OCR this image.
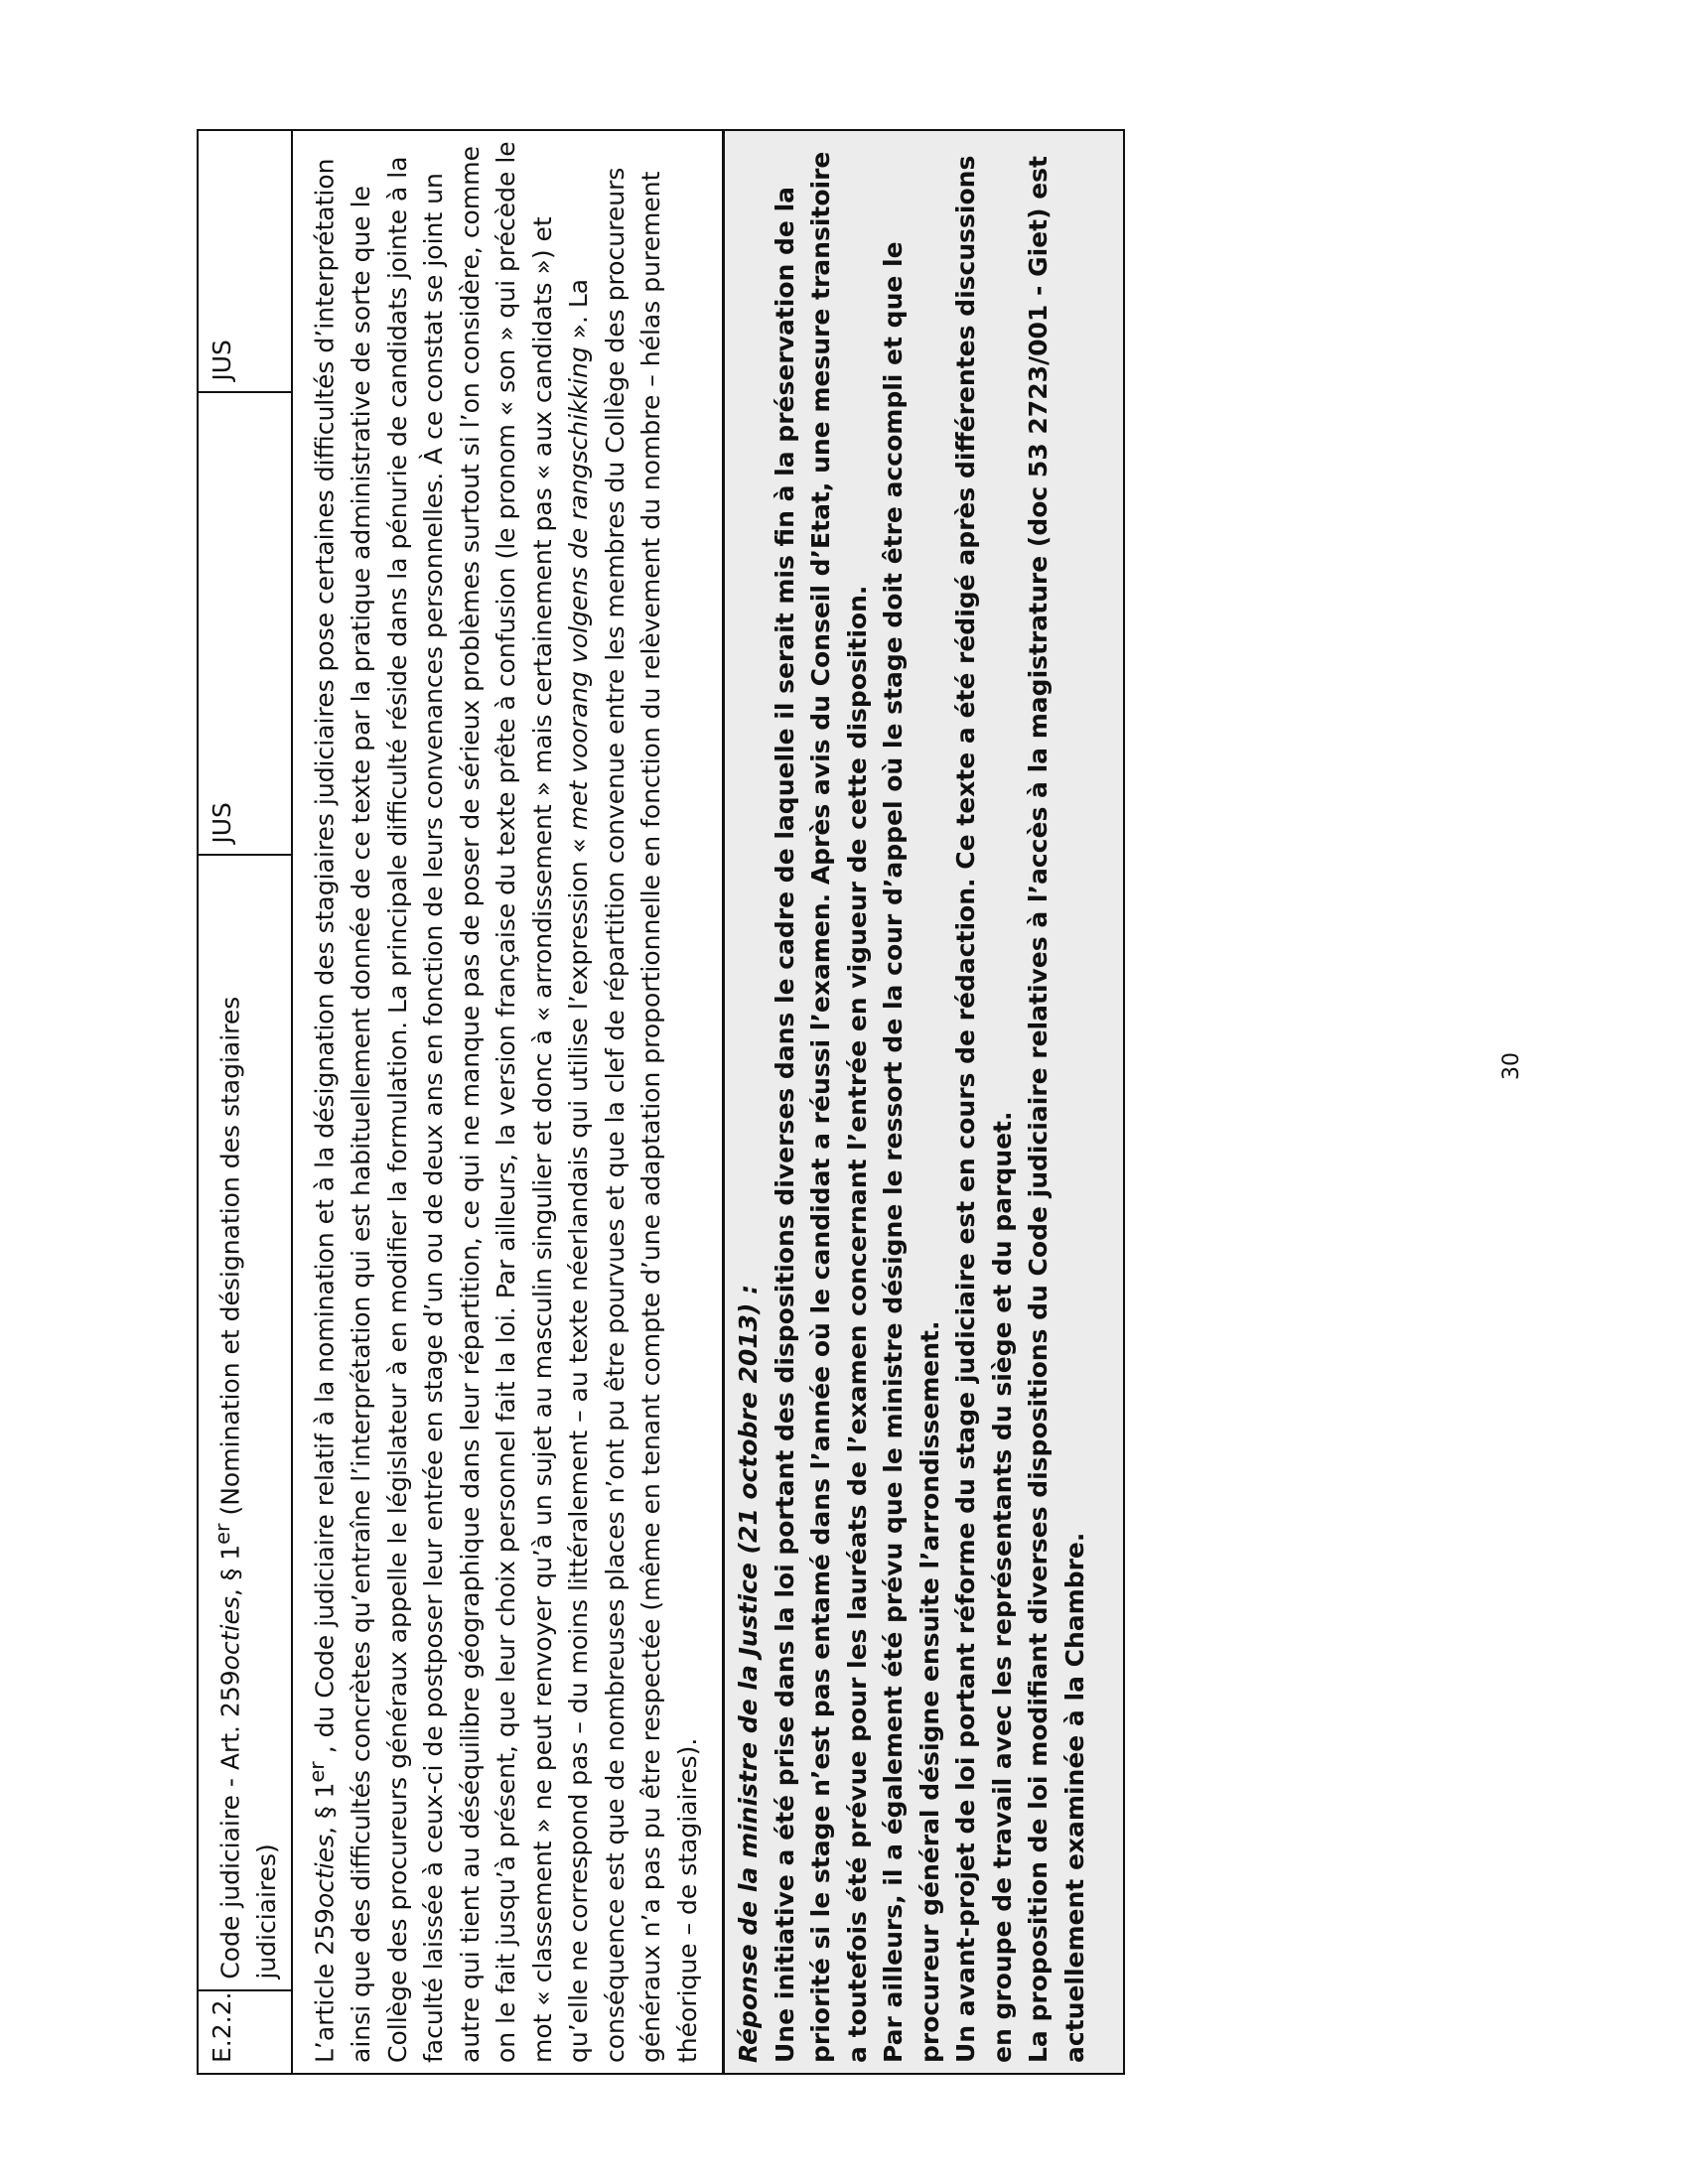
E.2.2.	Code judiciaire - Art. 259octies, § 1er (Nomination et désignation des stagiaires judiciaires)	JUS	JUS
L’article 259octies, § 1er , du Code judiciaire relatif à la nomination et à la désignation des stagiaires judiciaires pose certaines difficultés d’interprétation ainsi que des difficultés concrètes qu’entraîne l’interprétation qui est habituellement donnée de ce texte par la pratique administrative de sorte que le Collège des procureurs généraux appelle le législateur à en modifier la formulation. La principale difficulté réside dans la pénurie de candidats jointe à la faculté laissée à ceux-ci de postposer leur entrée en stage d’un ou de deux ans en fonction de leurs convenances personnelles. À ce constat se joint un autre qui tient au déséquilibre géographique dans leur répartition, ce qui ne manque pas de poser de sérieux problèmes surtout si l’on considère, comme on le fait jusqu’à présent, que leur choix personnel fait la loi. Par ailleurs, la version française du texte prête à confusion (le pronom « son » qui précède le mot « classement » ne peut renvoyer qu’à un sujet au masculin singulier et donc à « arrondissement » mais certainement pas « aux candidats ») et qu’elle ne correspond pas – du moins littéralement – au texte néerlandais qui utilise l’expression « met voorang volgens de rangschikking ». La conséquence est que de nombreuses places n’ont pu être pourvues et que la clef de répartition convenue entre les membres du Collège des procureurs généraux n’a pas pu être respectée (même en tenant compte d’une adaptation proportionnelle en fonction du relèvement du nombre – hélas purement théorique – de stagiaires).

Réponse de la ministre de la Justice (21 octobre 2013) : Une initiative a été prise dans la loi portant des dispositions diverses dans le cadre de laquelle il serait mis fin à la préservation de la priorité si le stage n’est pas entamé dans l’année où le candidat a réussi l’examen. Après avis du Conseil d’Etat, une mesure transitoire a toutefois été prévue pour les lauréats de l’examen concernant l’entrée en vigueur de cette disposition. Par ailleurs, il a également été prévu que le ministre désigne le ressort de la cour d’appel où le stage doit être accompli et que le procureur général désigne ensuite l’arrondissement. Un avant-projet de loi portant réforme du stage judiciaire est en cours de rédaction. Ce texte a été rédigé après différentes discussions en groupe de travail avec les représentants du siège et du parquet. La proposition de loi modifiant diverses dispositions du Code judiciaire relatives à l’accès à la magistrature (doc 53 2723/001 - Giet) est actuellement examinée à la Chambre.

30
